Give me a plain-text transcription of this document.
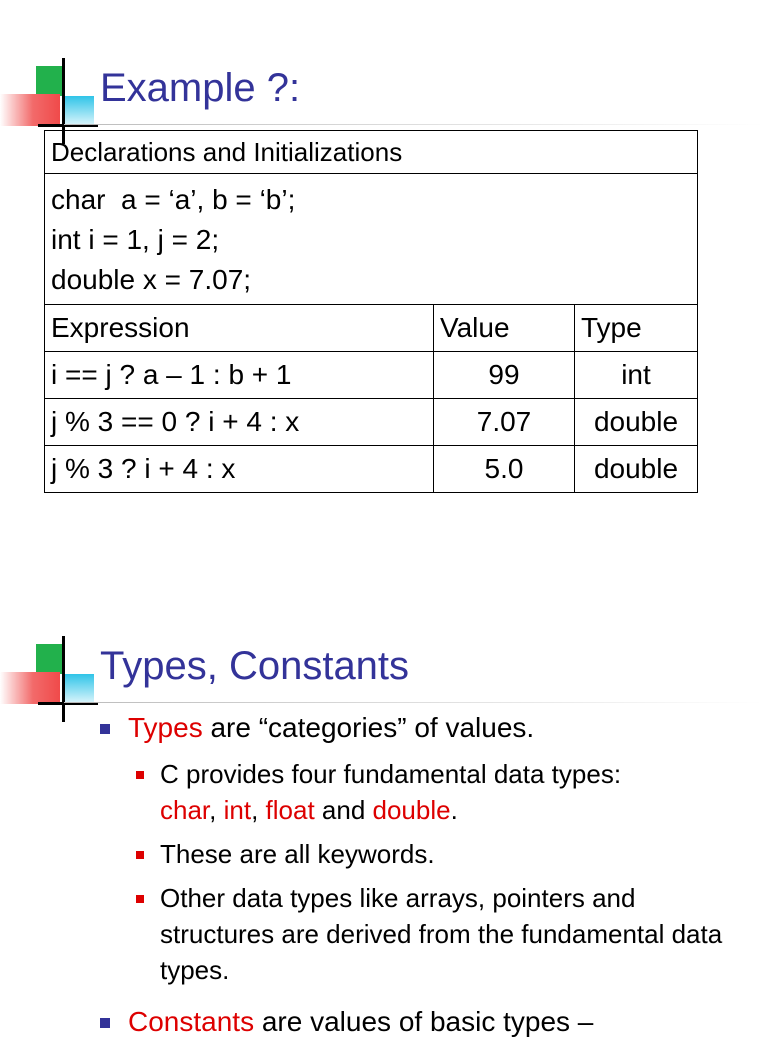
Example ?:
Declarations and Initializations		

char  a = ‘a’, b = ‘b’;
int i = 1, j = 2;
double x = 7.07;		

Expression	Value	Type
i == j ? a – 1 : b + 1	99	int
j % 3 == 0 ? i + 4 : x	7.07	double
j % 3 ? i + 4 : x	5.0	double
Types, Constants
Types are “categories” of values.
C provides four fundamental data types:
char, int, float and double.
These are all keywords.
Other data types like arrays, pointers and structures are derived from the fundamental data types.
Constants are values of basic types –
